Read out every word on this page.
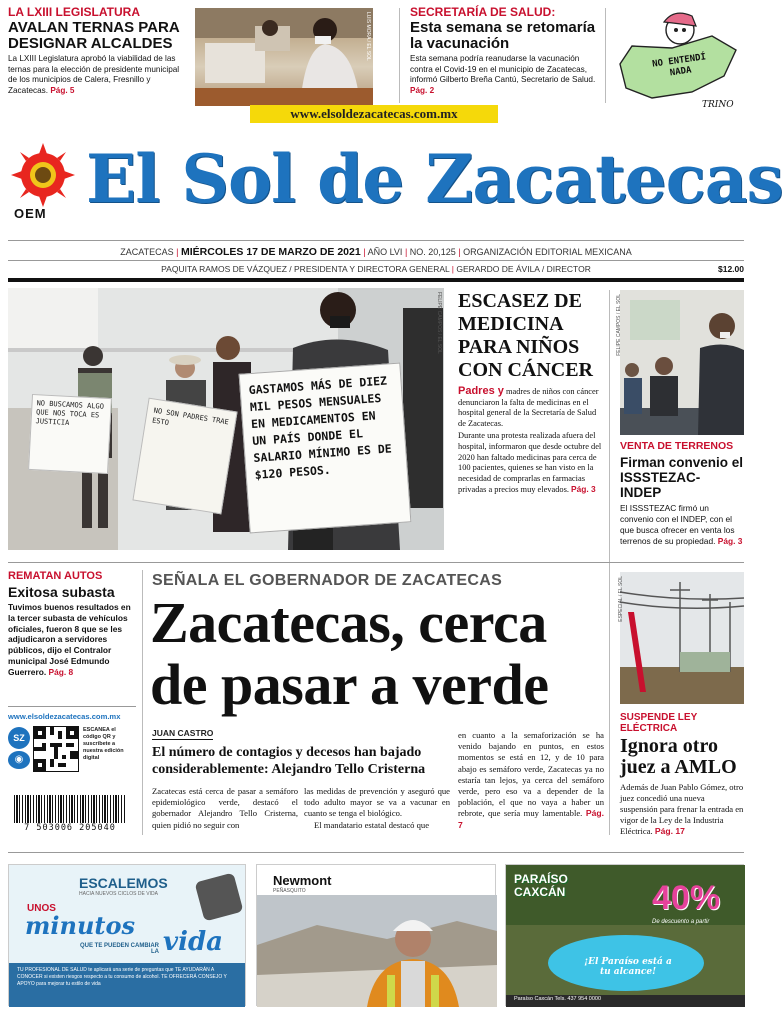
LA LXIII LEGISLATURA
AVALAN TERNAS PARA DESIGNAR ALCALDES
La LXIII Legislatura aprobó la viabilidad de las ternas para la elección de presidente municipal de los municipios de Calera, Fresnillo y Zacatecas. Pág. 5
LUIS MORA / EL SOL	SECRETARÍA DE SALUD:
Esta semana se retomaría la vacunación
Esta semana podría reanudarse la vacunación contra el Covid-19 en el municipio de Zacatecas, informó Gilberto Breña Cantú, Secretario de Salud. Pág. 2
NO ENTENDÍ NADA
TRINO
www.elsoldezacatecas.com.mx
OEM El Sol de Zacatecas
ZACATECAS | MIÉRCOLES 17 DE MARZO DE 2021 | AÑO LVI | NO. 20,125 | ORGANIZACIÓN EDITORIAL MEXICANA
PAQUITA RAMOS DE VÁZQUEZ / PRESIDENTA Y DIRECTORA GENERAL | GERARDO DE ÁVILA / DIRECTOR	$12.00
NO BUSCAMOS ALGO QUE NOS TOCA ES JUSTICIA	NO SON PADRES TRAE ESTO
GASTAMOS MÁS DE DIEZ MIL PESOS MENSUALES EN MEDICAMENTOS EN UN PAÍS DONDE EL SALARIO MÍNIMO ES DE $120 PESOS.
FELIPE CAMPOS / EL SOL ESCASEZ DE MEDICINA PARA NIÑOS CON CÁNCER
Padres y madres de niños con cáncer denunciaron la falta de medicinas en el hospital general de la Secretaría de Salud de Zacatecas.
Durante una protesta realizada afuera del hospital, informaron que desde octubre del 2020 han faltado medicinas para cerca de 100 pacientes, quienes se han visto en la necesidad de comprarlas en farmacias privadas a precios muy elevados. Pág. 3
FELIPE CAMPOS / EL SOL
VENTA DE TERRENOS
Firman convenio el ISSSTEZAC- INDEP
El ISSSTEZAC firmó un convenio con el INDEP, con el que busca ofrecer en venta los terrenos de su propiedad. Pág. 3
REMATAN AUTOS
Exitosa subasta
Tuvimos buenos resultados en la tercer subasta de vehículos oficiales, fueron 8 que se les adjudicaron a servidores públicos, dijo el Contralor municipal José Edmundo Guerrero. Pág. 8
www.elsoldezacatecas.com.mx
SZ
◉
ESCANEA el código QR y suscríbete a nuestra edición digital
7 503006 205040
SEÑALA EL GOBERNADOR DE ZACATECAS
Zacatecas, cerca de pasar a verde
JUAN CASTRO
El número de contagios y decesos han bajado considerablemente: Alejandro Tello Cristerna
Zacatecas está cerca de pasar a semáforo epidemiológico verde, destacó el gobernador Alejandro Tello Cristerna, quien pidió no seguir con
las medidas de prevención y aseguró que todo adulto mayor se va a vacunar en cuanto se tenga el biológico.
El mandatario estatal destacó que
en cuanto a la semaforización se ha venido bajando en puntos, en estos momentos se está en 12, y de 10 para abajo es semáforo verde, Zacatecas ya no estaría tan lejos, ya cerca del semáforo verde, pero eso va a depender de la población, el que no vaya a haber un rebrote, que sería muy lamentable. Pág. 7
ESPECIAL / EL SOL
SUSPENDE LEY ELÉCTRICA
Ignora otro juez a AMLO
Además de Juan Pablo Gómez, otro juez concedió una nueva suspensión para frenar la entrada en vigor de la Ley de la Industria Eléctrica. Pág. 17
ESCALEMOS
HACIA NUEVOS CICLOS DE VIDA
UNOS
minutos
QUE TE PUEDEN CAMBIAR LA vida
TU PROFESIONAL DE SALUD te aplicará una serie de preguntas que TE AYUDARÁN A CONOCER si existen riesgos respecto a tu consumo de alcohol. TE OFRECERÁ CONSEJO Y APOYO para mejorar tu estilo de vida
Newmont
PEÑASQUITO
PARAÍSO CAXCÁN	40%
De descuento a partir
¡El Paraíso está a tu alcance!
Paraíso Caxcán Tels. 437 954 0000
